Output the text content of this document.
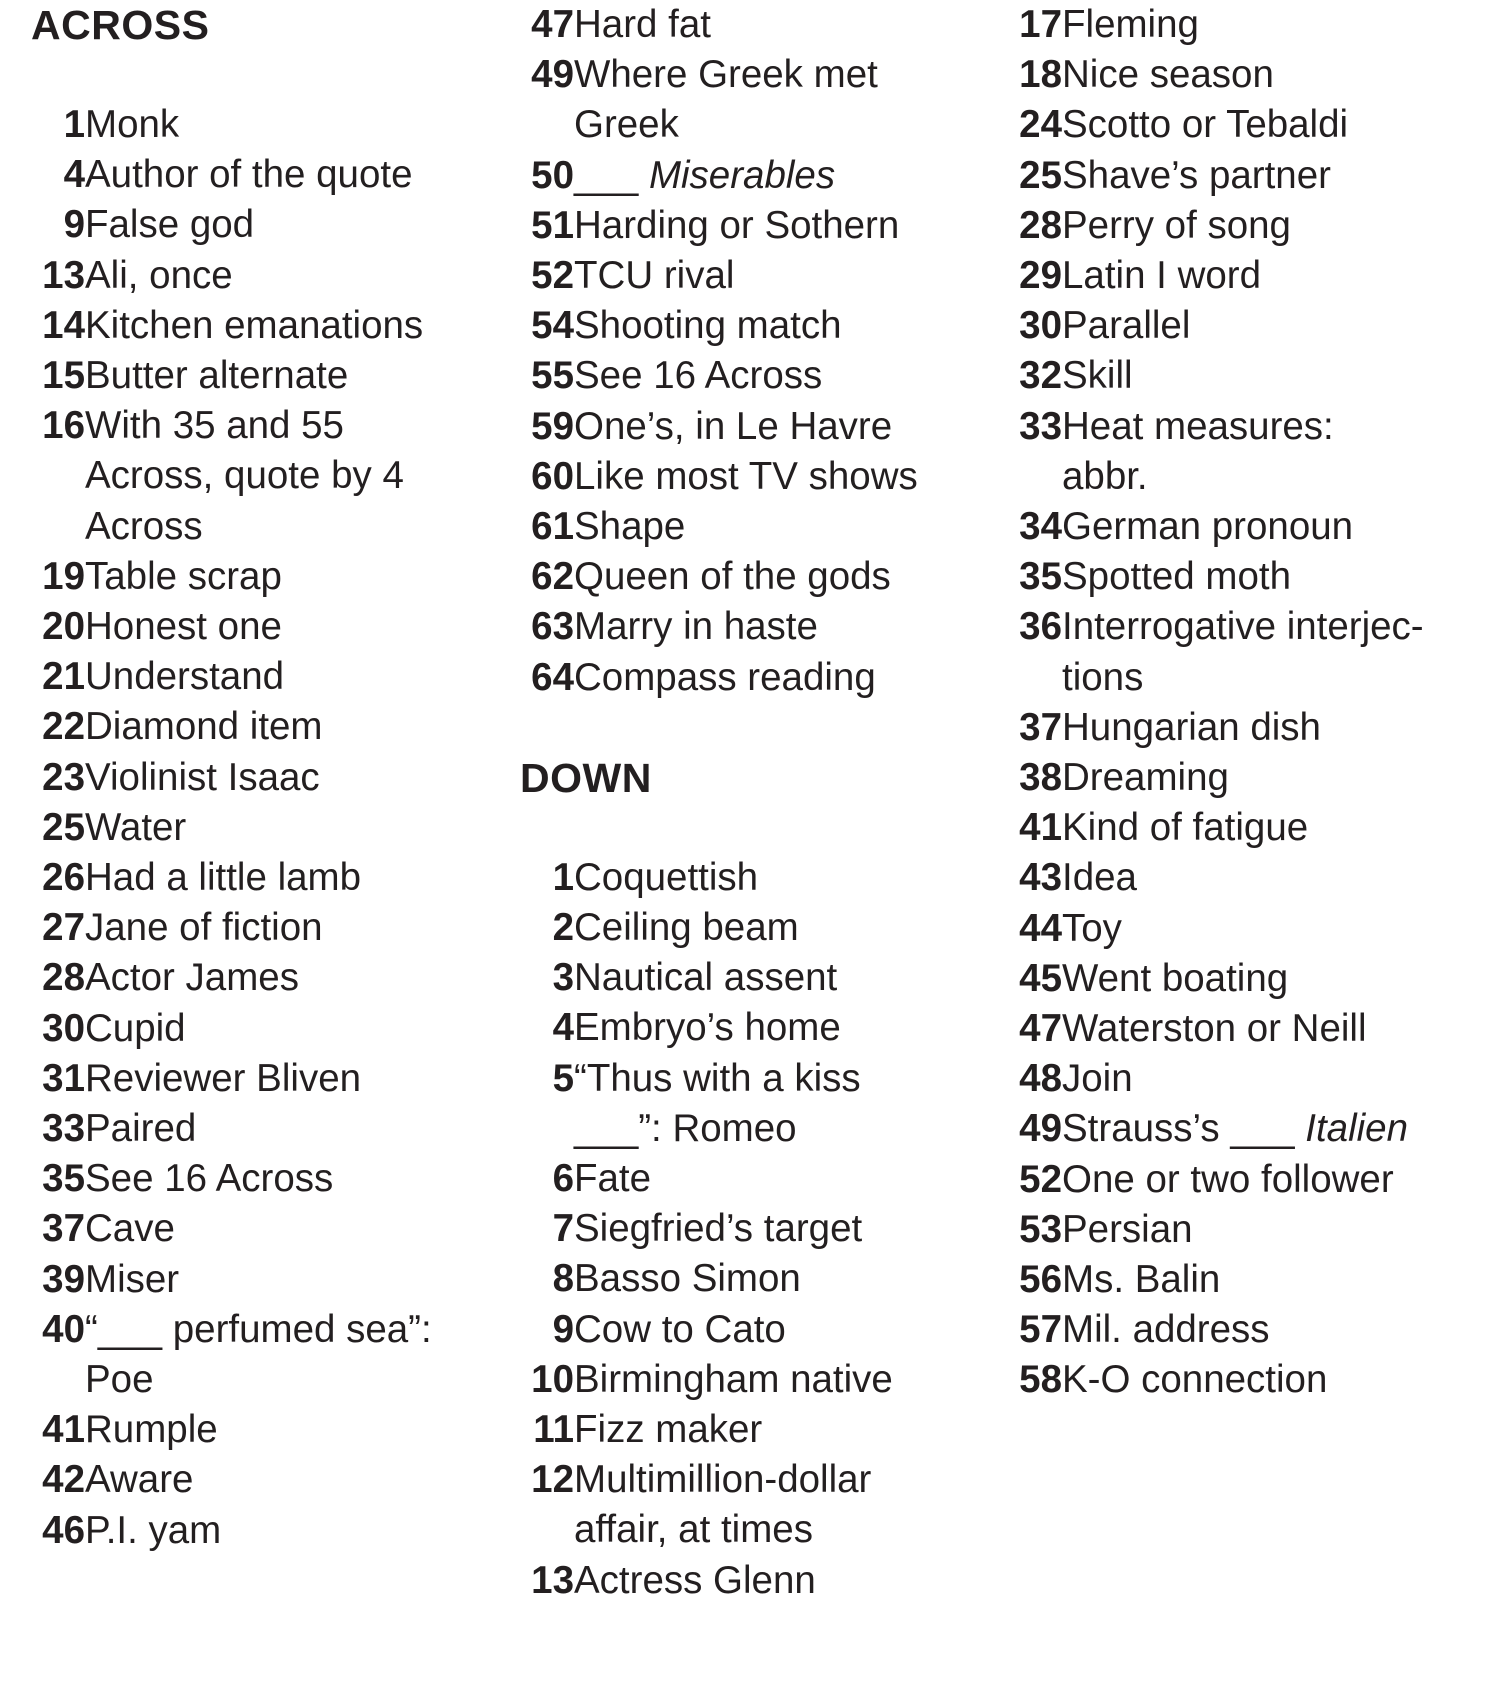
ACROSS
1 Monk
4 Author of the quote
9 False god
13 Ali, once
14 Kitchen emanations
15 Butter alternate
16 With 35 and 55
Across, quote by 4
Across
19 Table scrap
20 Honest one
21 Understand
22 Diamond item
23 Violinist Isaac
25 Water
26 Had a little lamb
27 Jane of fiction
28 Actor James
30 Cupid
31 Reviewer Bliven
33 Paired
35 See 16 Across
37 Cave
39 Miser
40 “___ perfumed sea”:
Poe
41 Rumple
42 Aware
46 P.I. yam
47 Hard fat
49 Where Greek met
Greek
50 ___ Miserables
51 Harding or Sothern
52 TCU rival
54 Shooting match
55 See 16 Across
59 One’s, in Le Havre
60 Like most TV shows
61 Shape
62 Queen of the gods
63 Marry in haste
64 Compass reading
DOWN
1 Coquettish
2 Ceiling beam
3 Nautical assent
4 Embryo’s home
5 “Thus with a kiss
___”: Romeo
6 Fate
7 Siegfried’s target
8 Basso Simon
9 Cow to Cato
10 Birmingham native
11 Fizz maker
12 Multimillion-dollar
affair, at times
13 Actress Glenn
17 Fleming
18 Nice season
24 Scotto or Tebaldi
25 Shave’s partner
28 Perry of song
29 Latin I word
30 Parallel
32 Skill
33 Heat measures:
abbr.
34 German pronoun
35 Spotted moth
36 Interrogative interjec-
tions
37 Hungarian dish
38 Dreaming
41 Kind of fatigue
43 Idea
44 Toy
45 Went boating
47 Waterston or Neill
48 Join
49 Strauss’s ___ Italien
52 One or two follower
53 Persian
56 Ms. Balin
57 Mil. address
58 K-O connection
